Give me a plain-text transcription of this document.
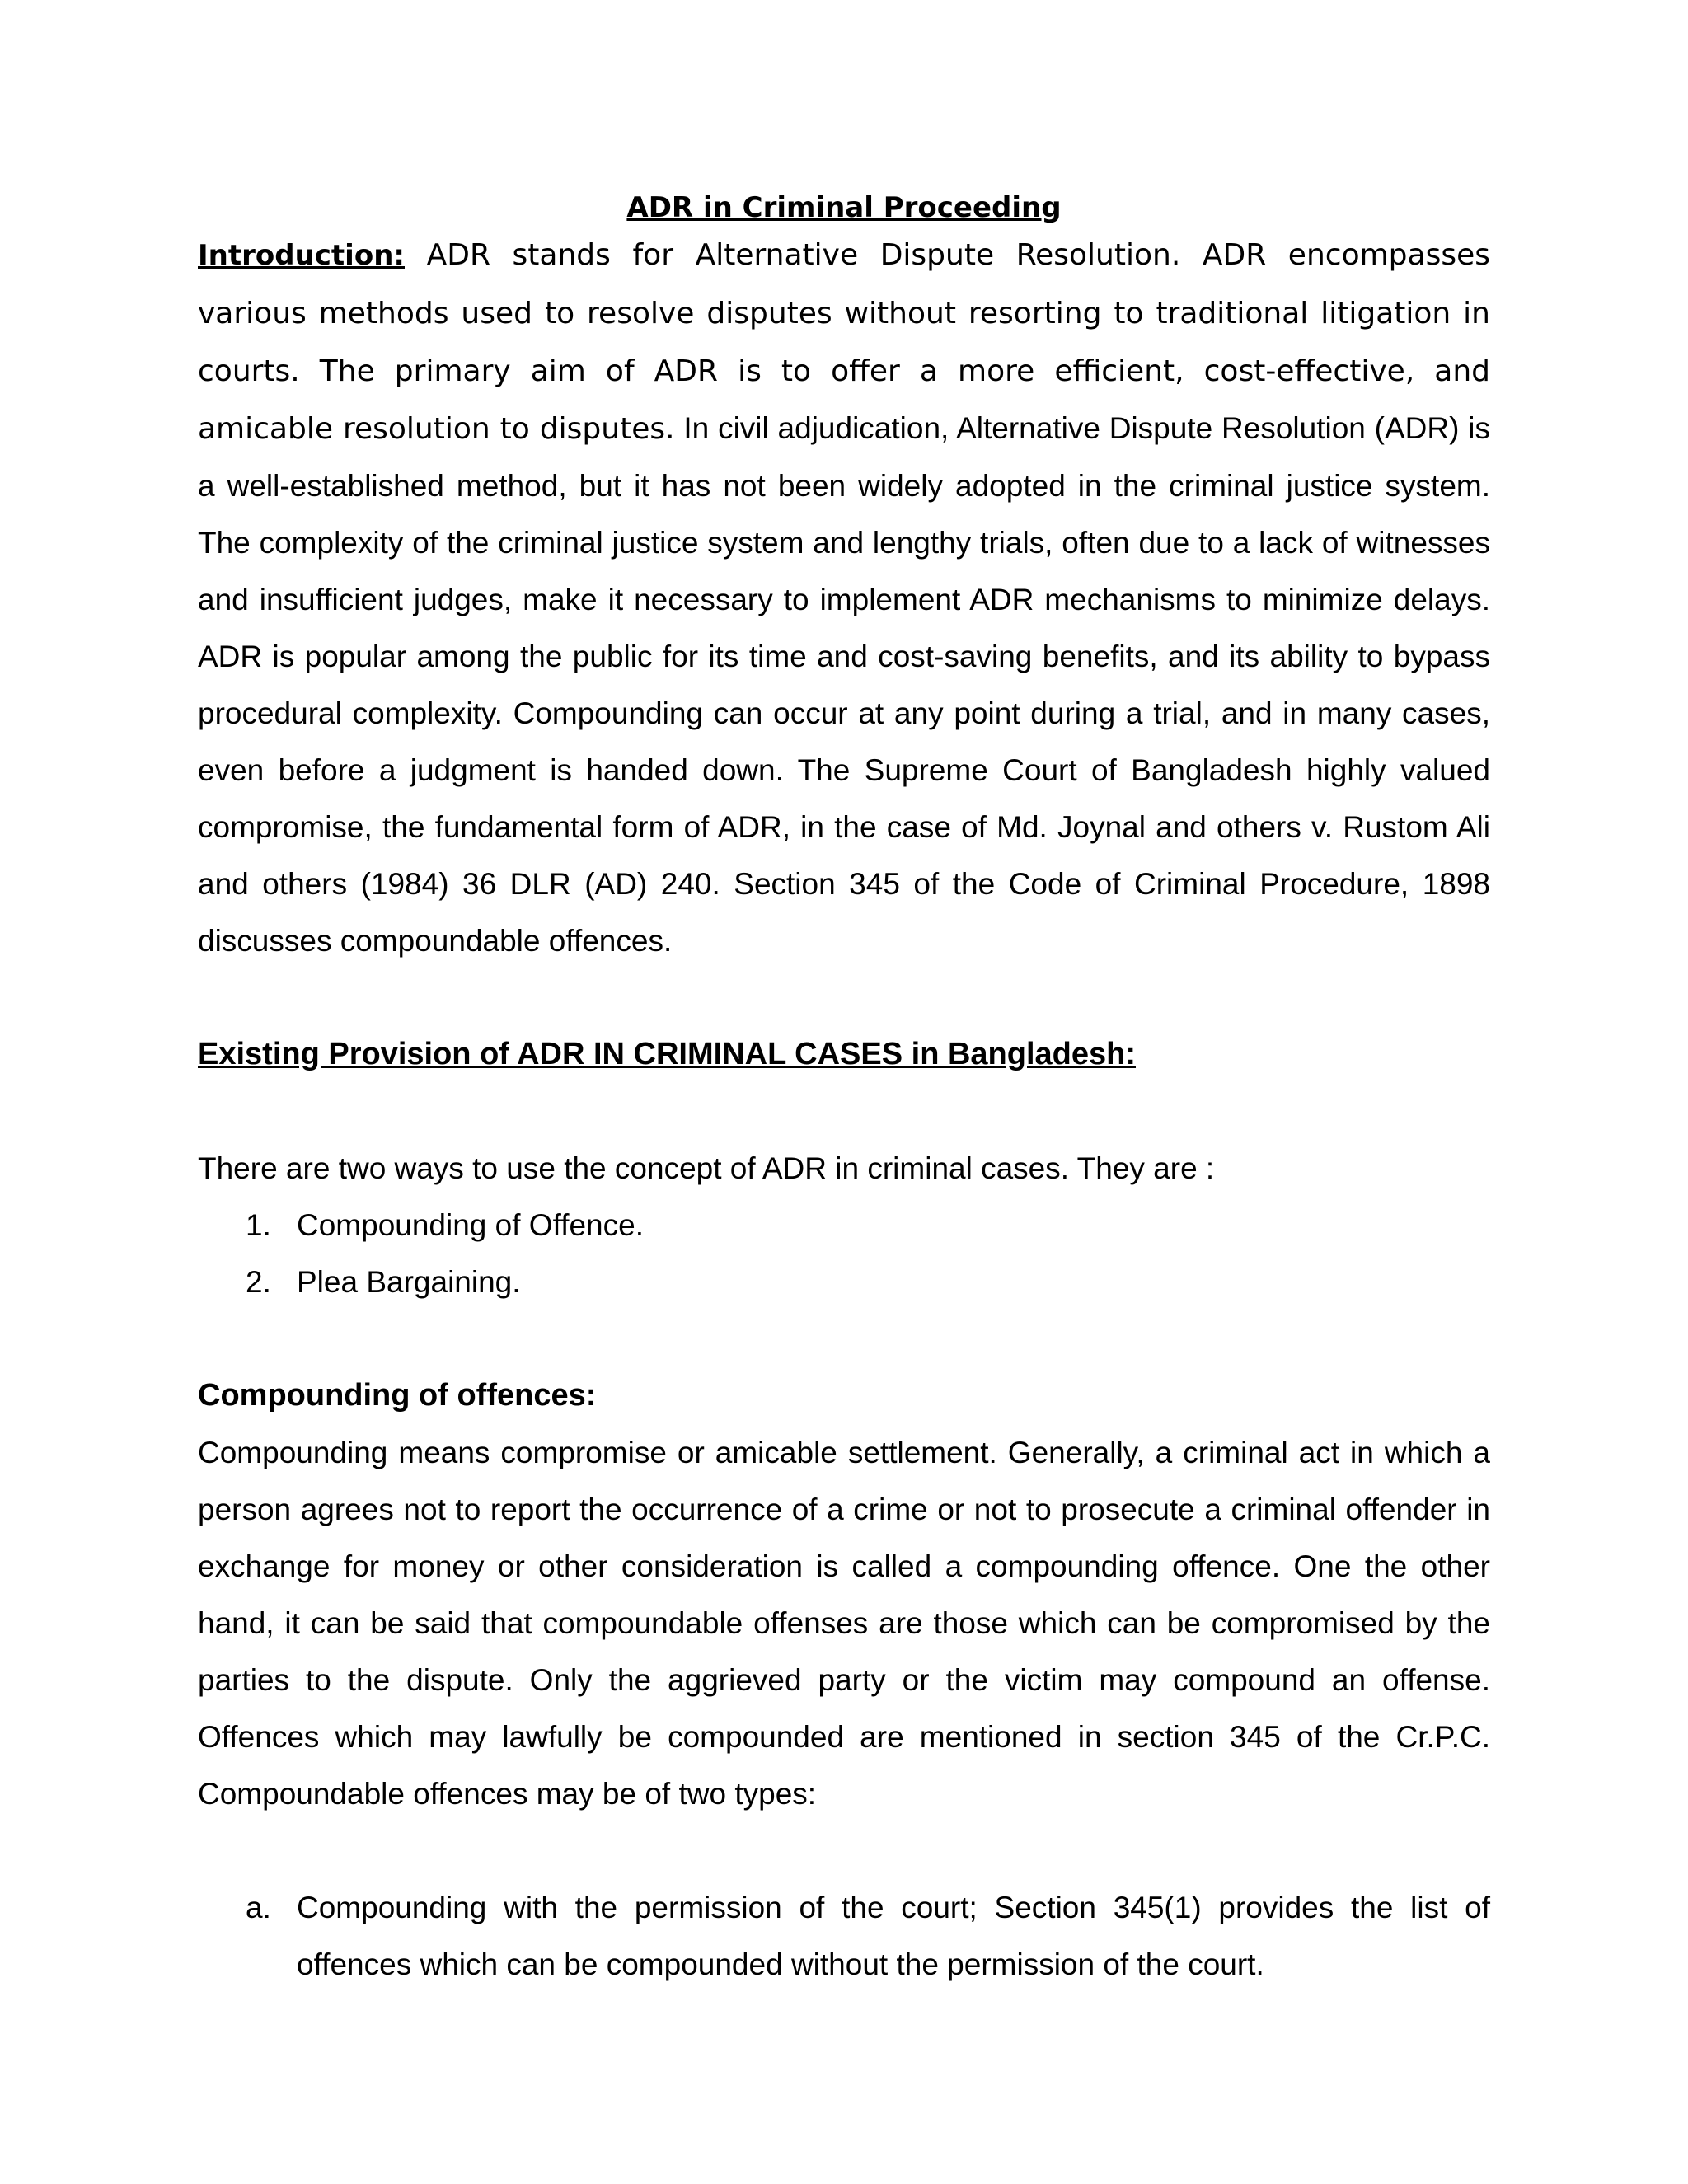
ADR in Criminal Proceeding

Introduction: ADR stands for Alternative Dispute Resolution. ADR encompasses various methods used to resolve disputes without resorting to traditional litigation in courts. The primary aim of ADR is to offer a more efficient, cost-effective, and amicable resolution to disputes. In civil adjudication, Alternative Dispute Resolution (ADR) is a well-established method, but it has not been widely adopted in the criminal justice system. The complexity of the criminal justice system and lengthy trials, often due to a lack of witnesses and insufficient judges, make it necessary to implement ADR mechanisms to minimize delays. ADR is popular among the public for its time and cost-saving benefits, and its ability to bypass procedural complexity. Compounding can occur at any point during a trial, and in many cases, even before a judgment is handed down. The Supreme Court of Bangladesh highly valued compromise, the fundamental form of ADR, in the case of Md. Joynal and others v. Rustom Ali and others (1984) 36 DLR (AD) 240. Section 345 of the Code of Criminal Procedure, 1898 discusses compoundable offences.

Existing Provision of ADR IN CRIMINAL CASES in Bangladesh:

There are two ways to use the concept of ADR in criminal cases. They are :

1. Compounding of Offence.
2. Plea Bargaining.
Compounding of offences:

Compounding means compromise or amicable settlement. Generally, a criminal act in which a person agrees not to report the occurrence of a crime or not to prosecute a criminal offender in exchange for money or other consideration is called a compounding offence. One the other hand, it can be said that compoundable offenses are those which can be compromised by the parties to the dispute. Only the aggrieved party or the victim may compound an offense. Offences which may lawfully be compounded are mentioned in section 345 of the Cr.P.C. Compoundable offences may be of two types:

a. Compounding with the permission of the court; Section 345(1) provides the list of offences which can be compounded without the permission of the court.
